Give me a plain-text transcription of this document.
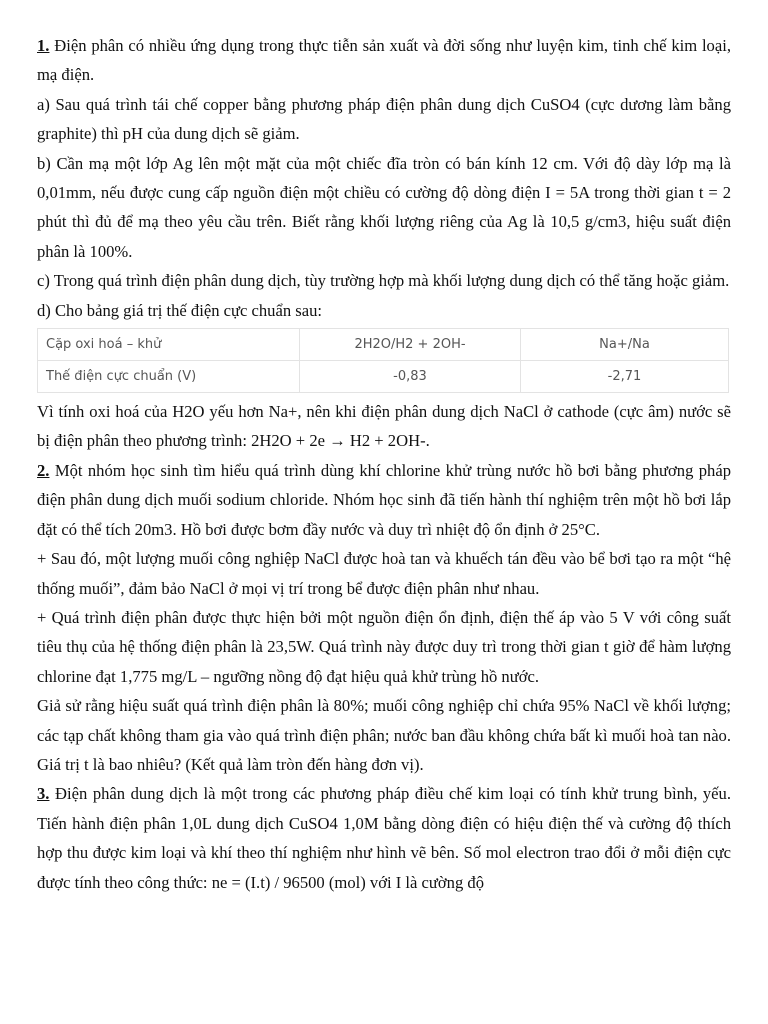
1. Điện phân có nhiều ứng dụng trong thực tiễn sản xuất và đời sống như luyện kim, tinh chế kim loại, mạ điện.

a) Sau quá trình tái chế copper bằng phương pháp điện phân dung dịch CuSO4 (cực dương làm bằng graphite) thì pH của dung dịch sẽ giảm.

b) Cần mạ một lớp Ag lên một mặt của một chiếc đĩa tròn có bán kính 12 cm. Với độ dày lớp mạ là 0,01mm, nếu được cung cấp nguồn điện một chiều có cường độ dòng điện I = 5A trong thời gian t = 2 phút thì đủ để mạ theo yêu cầu trên. Biết rằng khối lượng riêng của Ag là 10,5 g/cm3, hiệu suất điện phân là 100%.

c) Trong quá trình điện phân dung dịch, tùy trường hợp mà khối lượng dung dịch có thể tăng hoặc giảm.

d) Cho bảng giá trị thế điện cực chuẩn sau:

Cặp oxi hoá – khử	2H2O/H2 + 2OH-	Na+/Na
Thế điện cực chuẩn (V)	-0,83	-2,71

Vì tính oxi hoá của H2O yếu hơn Na+, nên khi điện phân dung dịch NaCl ở cathode (cực âm) nước sẽ bị điện phân theo phương trình: 2H2O + 2e → H2 + 2OH-.

2. Một nhóm học sinh tìm hiểu quá trình dùng khí chlorine khử trùng nước hồ bơi bằng phương pháp điện phân dung dịch muối sodium chloride. Nhóm học sinh đã tiến hành thí nghiệm trên một hồ bơi lắp đặt có thể tích 20m3. Hồ bơi được bơm đầy nước và duy trì nhiệt độ ổn định ở 25°C.

+ Sau đó, một lượng muối công nghiệp NaCl được hoà tan và khuếch tán đều vào bể bơi tạo ra một “hệ thống muối”, đảm bảo NaCl ở mọi vị trí trong bể được điện phân như nhau.

+ Quá trình điện phân được thực hiện bởi một nguồn điện ổn định, điện thế áp vào 5 V với công suất tiêu thụ của hệ thống điện phân là 23,5W. Quá trình này được duy trì trong thời gian t giờ để hàm lượng chlorine đạt 1,775 mg/L – ngưỡng nồng độ đạt hiệu quả khử trùng hồ nước.

Giả sử rằng hiệu suất quá trình điện phân là 80%; muối công nghiệp chỉ chứa 95% NaCl về khối lượng; các tạp chất không tham gia vào quá trình điện phân; nước ban đầu không chứa bất kì muối hoà tan nào. Giá trị t là bao nhiêu? (Kết quả làm tròn đến hàng đơn vị).

3. Điện phân dung dịch là một trong các phương pháp điều chế kim loại có tính khử trung bình, yếu. Tiến hành điện phân 1,0L dung dịch CuSO4 1,0M bằng dòng điện có hiệu điện thế và cường độ thích hợp thu được kim loại và khí theo thí nghiệm như hình vẽ bên. Số mol electron trao đổi ở mỗi điện cực được tính theo công thức: ne = (I.t) / 96500 (mol) với I là cường độ
